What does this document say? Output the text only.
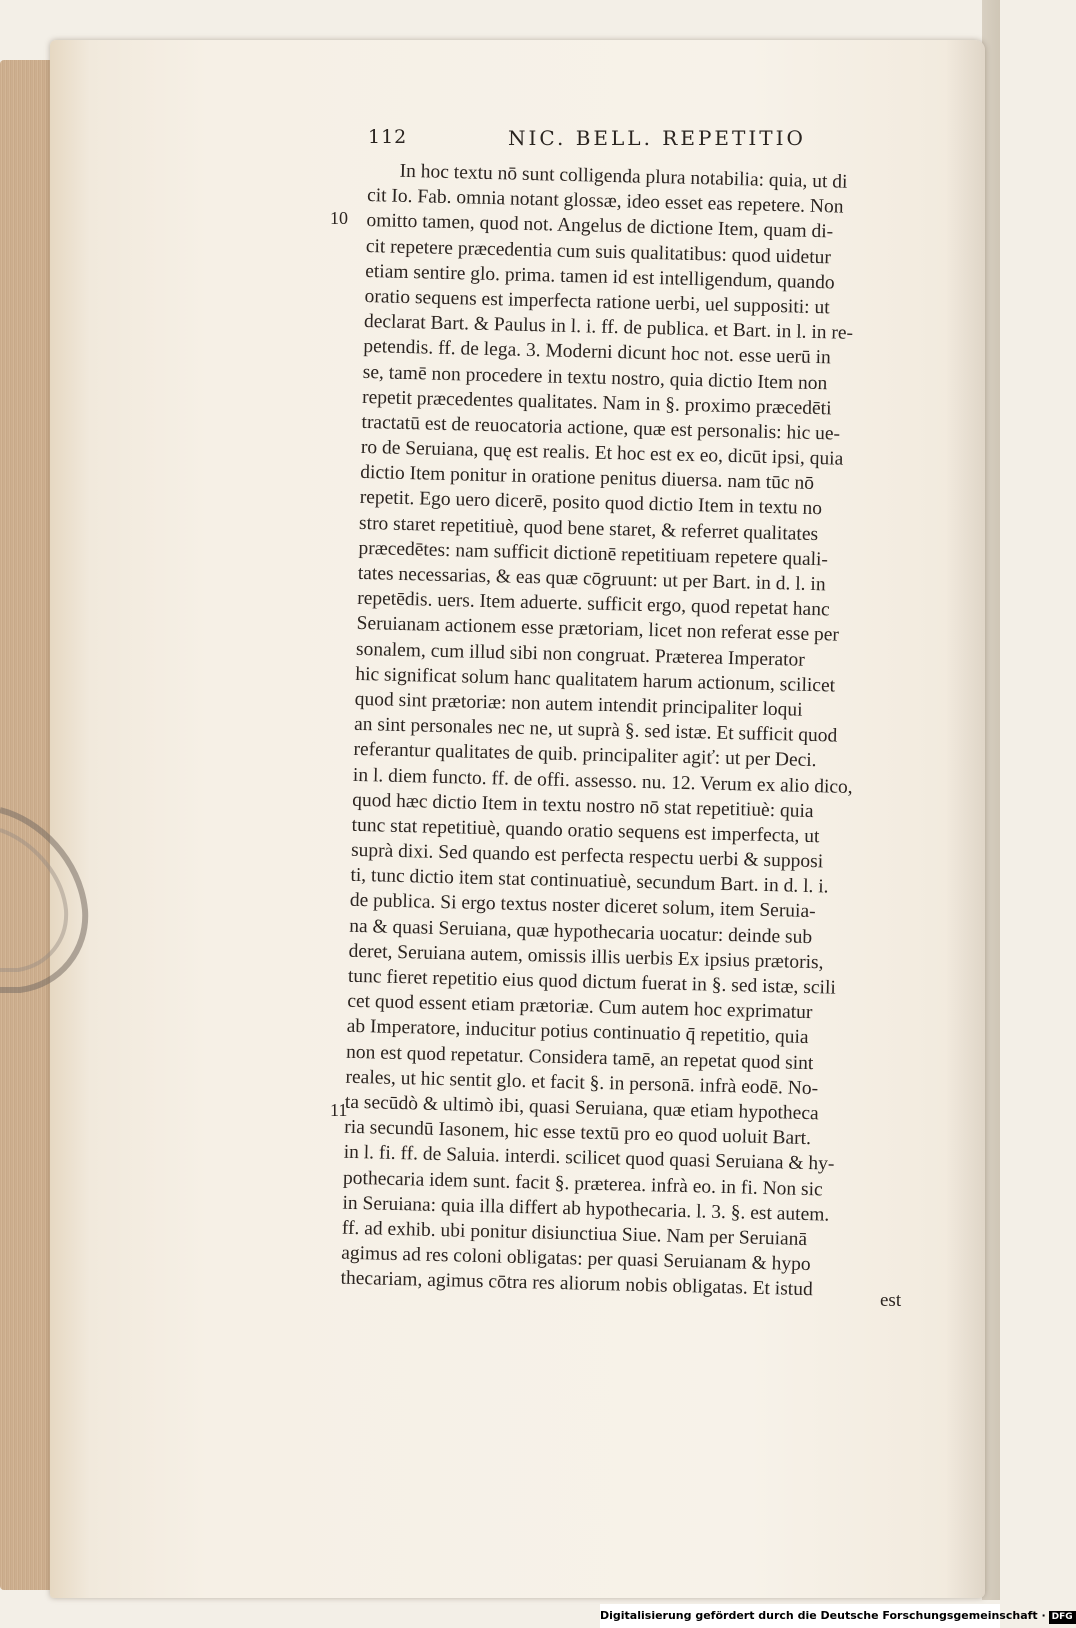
112	NIC. BELL. REPETITIO
10
11
In hoc textu nō sunt colligenda plura notabilia: quia, ut di
cit Io. Fab. omnia notant glossæ, ideo esset eas repetere. Non
omitto tamen, quod not. Angelus de dictione Item, quam di-
cit repetere præcedentia cum suis qualitatibus: quod uidetur
etiam sentire glo. prima. tamen id est intelligendum, quando
oratio sequens est imperfecta ratione uerbi, uel suppositi: ut
declarat Bart. & Paulus in l. i. ff. de publica. et Bart. in l. in re-
petendis. ff. de lega. 3. Moderni dicunt hoc not. esse uerū in
se, tamē non procedere in textu nostro, quia dictio Item non
repetit præcedentes qualitates. Nam in §. proximo præcedēti
tractatū est de reuocatoria actione, quæ est personalis: hic ue-
ro de Seruiana, quę est realis. Et hoc est ex eo, dicūt ipsi, quia
dictio Item ponitur in oratione penitus diuersa. nam tūc nō
repetit. Ego uero dicerē, posito quod dictio Item in textu no
stro staret repetitiuè, quod bene staret, & referret qualitates
præcedētes: nam sufficit dictionē repetitiuam repetere quali-
tates necessarias, & eas quæ cōgruunt: ut per Bart. in d. l. in
repetēdis. uers. Item aduerte. sufficit ergo, quod repetat hanc
Seruianam actionem esse prætoriam, licet non referat esse per
sonalem, cum illud sibi non congruat. Præterea Imperator
hic significat solum hanc qualitatem harum actionum, scilicet
quod sint prætoriæ: non autem intendit principaliter loqui
an sint personales nec ne, ut suprà §. sed istæ. Et sufficit quod
referantur qualitates de quib. principaliter agiť: ut per Deci.
in l. diem functo. ff. de offi. assesso. nu. 12. Verum ex alio dico,
quod hæc dictio Item in textu nostro nō stat repetitiuè: quia
tunc stat repetitiuè, quando oratio sequens est imperfecta, ut
suprà dixi. Sed quando est perfecta respectu uerbi & supposi
ti, tunc dictio item stat continuatiuè, secundum Bart. in d. l. i.
de publica. Si ergo textus noster diceret solum, item Seruia-
na & quasi Seruiana, quæ hypothecaria uocatur: deinde sub
deret, Seruiana autem, omissis illis uerbis Ex ipsius prætoris,
tunc fieret repetitio eius quod dictum fuerat in §. sed istæ, scili
cet quod essent etiam prætoriæ. Cum autem hoc exprimatur
ab Imperatore, inducitur potius continuatio q̄ repetitio, quia
non est quod repetatur. Considera tamē, an repetat quod sint
reales, ut hic sentit glo. et facit §. in personā. infrà eodē. No-
ta secūdò & ultimò ibi, quasi Seruiana, quæ etiam hypotheca
ria secundū Iasonem, hic esse textū pro eo quod uoluit Bart.
in l. fi. ff. de Saluia. interdi. scilicet quod quasi Seruiana & hy-
pothecaria idem sunt. facit §. præterea. infrà eo. in fi. Non sic
in Seruiana: quia illa differt ab hypothecaria. l. 3. §. est autem.
ff. ad exhib. ubi ponitur disiunctiua Siue. Nam per Seruianā
agimus ad res coloni obligatas: per quasi Seruianam & hypo
thecariam, agimus cōtra res aliorum nobis obligatas. Et istud
est
Digitalisierung gefördert durch die Deutsche Forschungsgemeinschaft · DFG
